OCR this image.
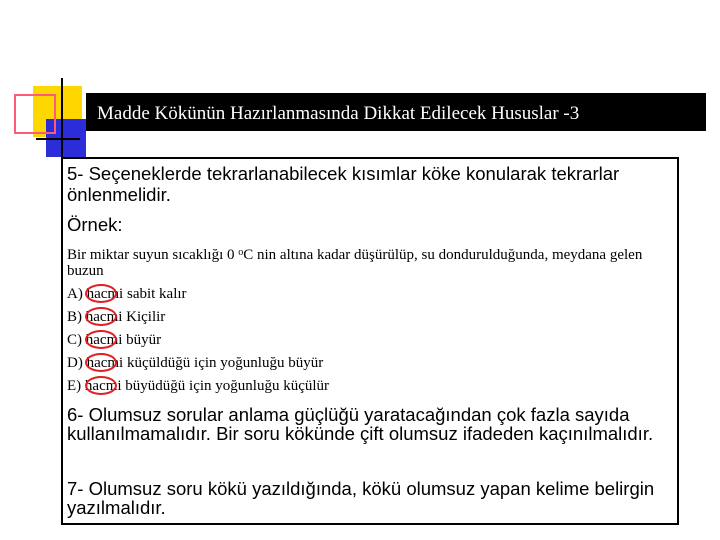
Madde Kökünün Hazırlanmasında Dikkat Edilecek Hususlar -3
5- Seçeneklerde tekrarlanabilecek kısımlar köke konularak tekrarlar önlenmelidir.
Örnek:
Bir miktar suyun sıcaklığı 0 $^o$C nin altına kadar düşürülüp, su dondurulduğunda, meydana gelen buzun
A) hacmi sabit kalır
B) hacmi Kiçilir
C) hacmi büyür
D) hacmi küçüldüğü için yoğunluğu büyür
E) hacmi büyüdüğü için yoğunluğu küçülür
6- Olumsuz sorular anlama güçlüğü yaratacağından çok fazla sayıda kullanılmamalıdır. Bir soru kökünde çift olumsuz ifadeden kaçınılmalıdır.
7- Olumsuz soru kökü yazıldığında, kökü olumsuz yapan kelime belirgin yazılmalıdır.
